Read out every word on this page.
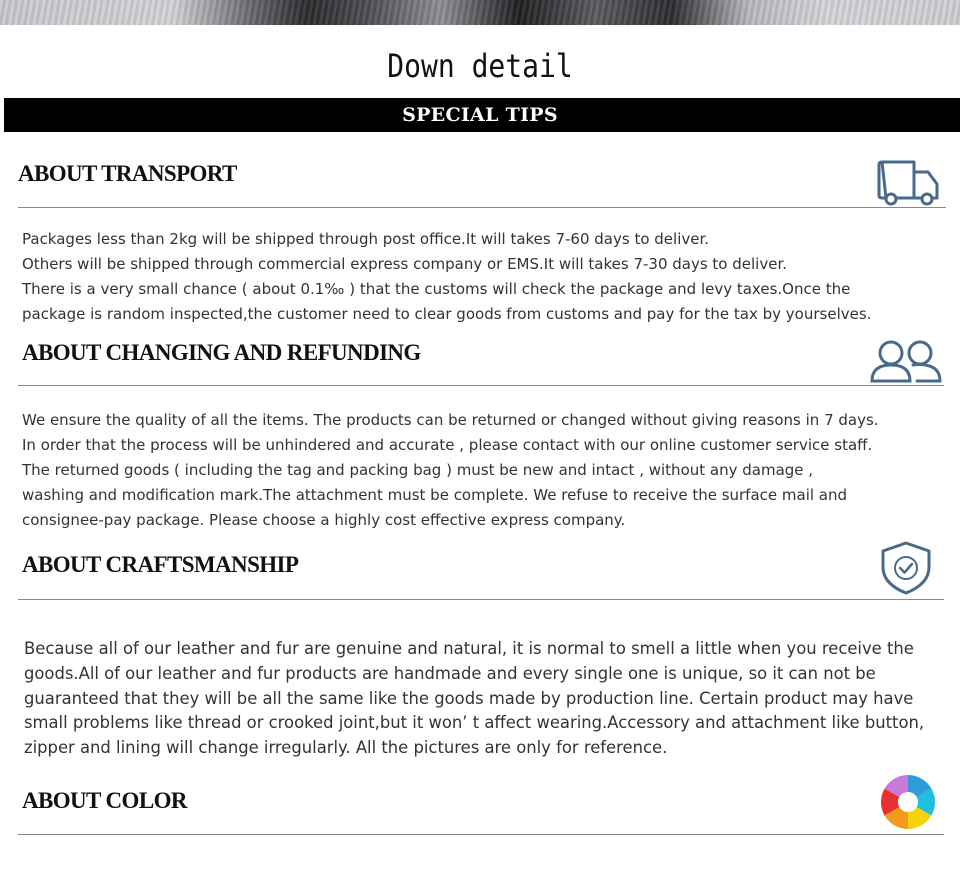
Down detail
SPECIAL TIPS
ABOUT TRANSPORT

Packages less than 2kg will be shipped through post office.It will takes 7-60 days to deliver.
Others will be shipped through commercial express company or EMS.It will takes 7-30 days to deliver.
There is a very small chance ( about 0.1‰ ) that the customs will check the package and levy taxes.Once the
package is random inspected,the customer need to clear goods from customs and pay for the tax by yourselves.

ABOUT CHANGING AND REFUNDING

We ensure the quality of all the items. The products can be returned or changed without giving reasons in 7 days.
In order that the process will be unhindered and accurate , please contact with our online customer service staff.
The returned goods ( including the tag and packing bag ) must be new and intact , without any damage ,
washing and modification mark.The attachment must be complete. We refuse to receive the surface mail and
consignee-pay package. Please choose a highly cost effective express company.

ABOUT CRAFTSMANSHIP

Because all of our leather and fur are genuine and natural, it is normal to smell a little when you receive the
goods.All of our leather and fur products are handmade and every single one is unique, so it can not be
guaranteed that they will be all the same like the goods made by production line. Certain product may have
small problems like thread or crooked joint,but it won’ t affect wearing.Accessory and attachment like button,
zipper and lining will change irregularly. All the pictures are only for reference.

ABOUT COLOR
